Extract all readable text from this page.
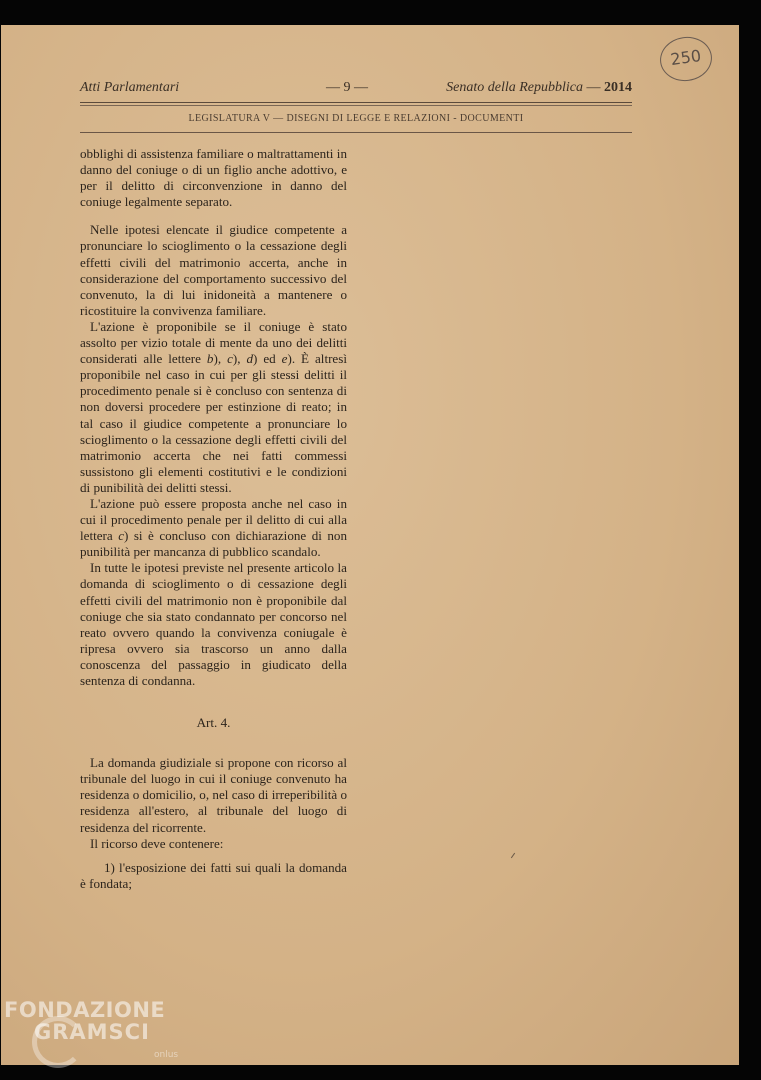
250
Atti Parlamentari	— 9 —	Senato della Repubblica — 2014
LEGISLATURA V — DISEGNI DI LEGGE E RELAZIONI - DOCUMENTI

obblighi di assistenza familiare o maltrattamenti in danno del coniuge o di un figlio anche adottivo, e per il delitto di circonvenzione in danno del coniuge legalmente separato.

Nelle ipotesi elencate il giudice competente a pronunciare lo scioglimento o la cessazione degli effetti civili del matrimonio accerta, anche in considerazione del comportamento successivo del convenuto, la di lui inidoneità a mantenere o ricostituire la convivenza familiare.

L'azione è proponibile se il coniuge è stato assolto per vizio totale di mente da uno dei delitti considerati alle lettere b), c), d) ed e). È altresì proponibile nel caso in cui per gli stessi delitti il procedimento penale si è concluso con sentenza di non doversi procedere per estinzione di reato; in tal caso il giudice competente a pronunciare lo scioglimento o la cessazione degli effetti civili del matrimonio accerta che nei fatti commessi sussistono gli elementi costitutivi e le condizioni di punibilità dei delitti stessi.

L'azione può essere proposta anche nel caso in cui il procedimento penale per il delitto di cui alla lettera c) si è concluso con dichiarazione di non punibilità per mancanza di pubblico scandalo.

In tutte le ipotesi previste nel presente articolo la domanda di scioglimento o di cessazione degli effetti civili del matrimonio non è proponibile dal coniuge che sia stato condannato per concorso nel reato ovvero quando la convivenza coniugale è ripresa ovvero sia trascorso un anno dalla conoscenza del passaggio in giudicato della sentenza di condanna.

Art. 4.

La domanda giudiziale si propone con ricorso al tribunale del luogo in cui il coniuge convenuto ha residenza o domicilio, o, nel caso di irreperibilità o residenza all'estero, al tribunale del luogo di residenza del ricorrente.

Il ricorso deve contenere:

1) l'esposizione dei fatti sui quali la domanda è fondata;

FONDAZIONE
GRAMSCI
onlus
